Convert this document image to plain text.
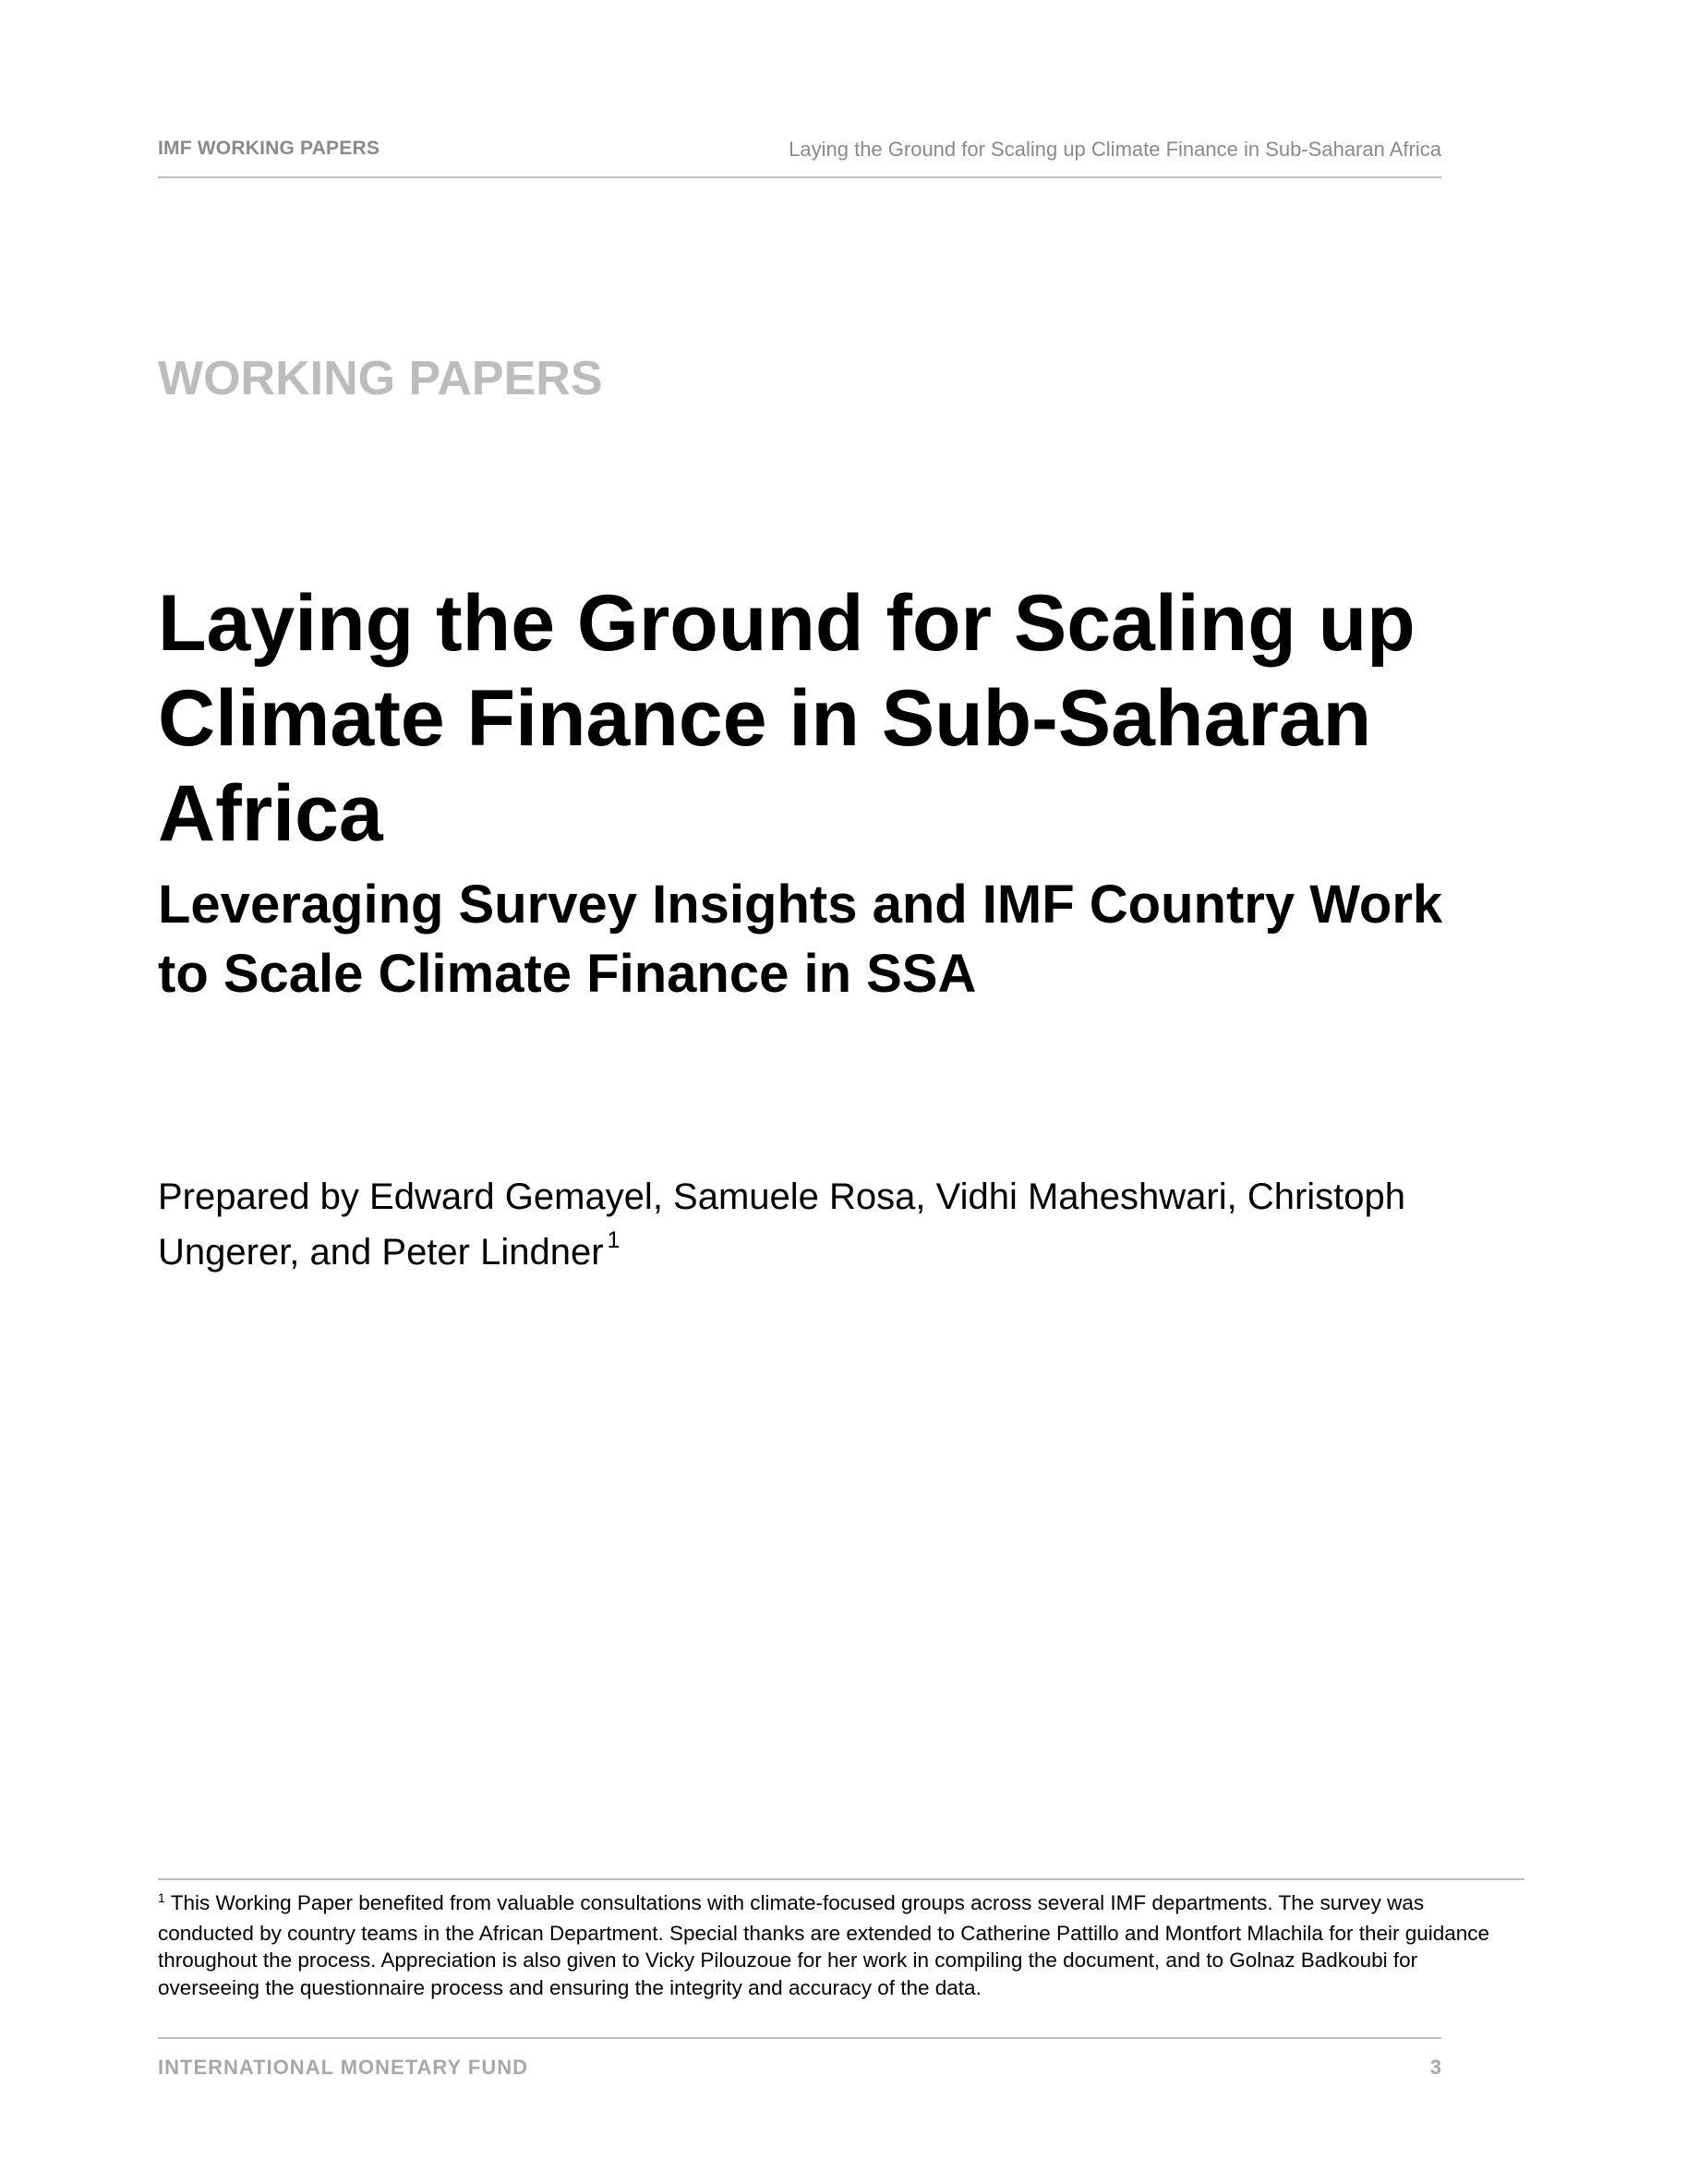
IMF WORKING PAPERS	Laying the Ground for Scaling up Climate Finance in Sub-Saharan Africa
WORKING PAPERS
Laying the Ground for Scaling up Climate Finance in Sub-Saharan Africa
Leveraging Survey Insights and IMF Country Work to Scale Climate Finance in SSA

Prepared by Edward Gemayel, Samuele Rosa, Vidhi Maheshwari, Christoph Ungerer, and Peter Lindner $^1$

$^1$ This Working Paper benefited from valuable consultations with climate-focused groups across several IMF departments. The survey was conducted by country teams in the African Department. Special thanks are extended to Catherine Pattillo and Montfort Mlachila for their guidance throughout the process. Appreciation is also given to Vicky Pilouzoue for her work in compiling the document, and to Golnaz Badkoubi for overseeing the questionnaire process and ensuring the integrity and accuracy of the data.

INTERNATIONAL MONETARY FUND	3
